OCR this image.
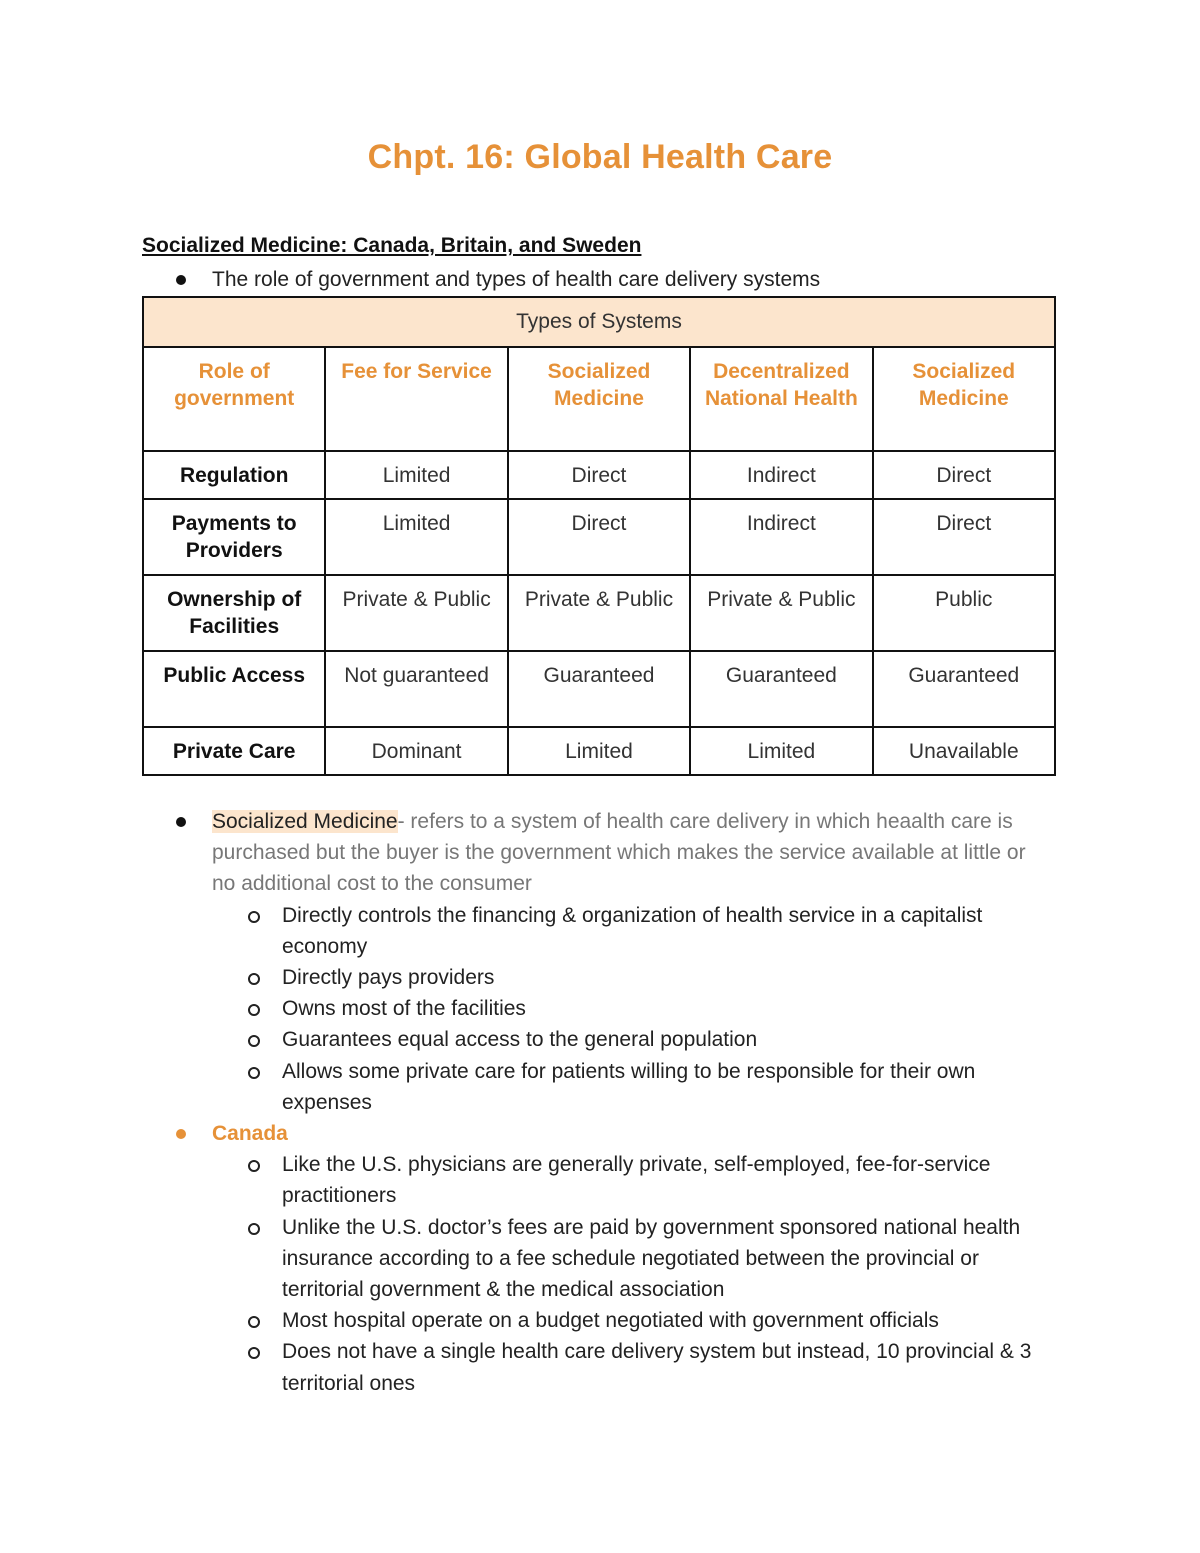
Chpt. 16: Global Health Care
Socialized Medicine: Canada, Britain, and Sweden
The role of government and types of health care delivery systems
Types of Systems				
Role of government	Fee for Service	Socialized Medicine	Decentralized National Health	Socialized Medicine
Regulation	Limited	Direct	Indirect	Direct
Payments to Providers	Limited	Direct	Indirect	Direct
Ownership of Facilities	Private & Public	Private & Public	Private & Public	Public
Public Access	Not guaranteed	Guaranteed	Guaranteed	Guaranteed
Private Care	Dominant	Limited	Limited	Unavailable
Socialized Medicine- refers to a system of health care delivery in which heaalth care is purchased but the buyer is the government which makes the service available at little or no additional cost to the consumer
Directly controls the financing & organization of health service in a capitalist economy
Directly pays providers
Owns most of the facilities
Guarantees equal access to the general population
Allows some private care for patients willing to be responsible for their own expenses
Canada
Like the U.S. physicians are generally private, self-employed, fee-for-service practitioners
Unlike the U.S. doctor’s fees are paid by government sponsored national health insurance according to a fee schedule negotiated between the provincial or territorial government & the medical association
Most hospital operate on a budget negotiated with government officials
Does not have a single health care delivery system but instead, 10 provincial & 3 territorial ones
